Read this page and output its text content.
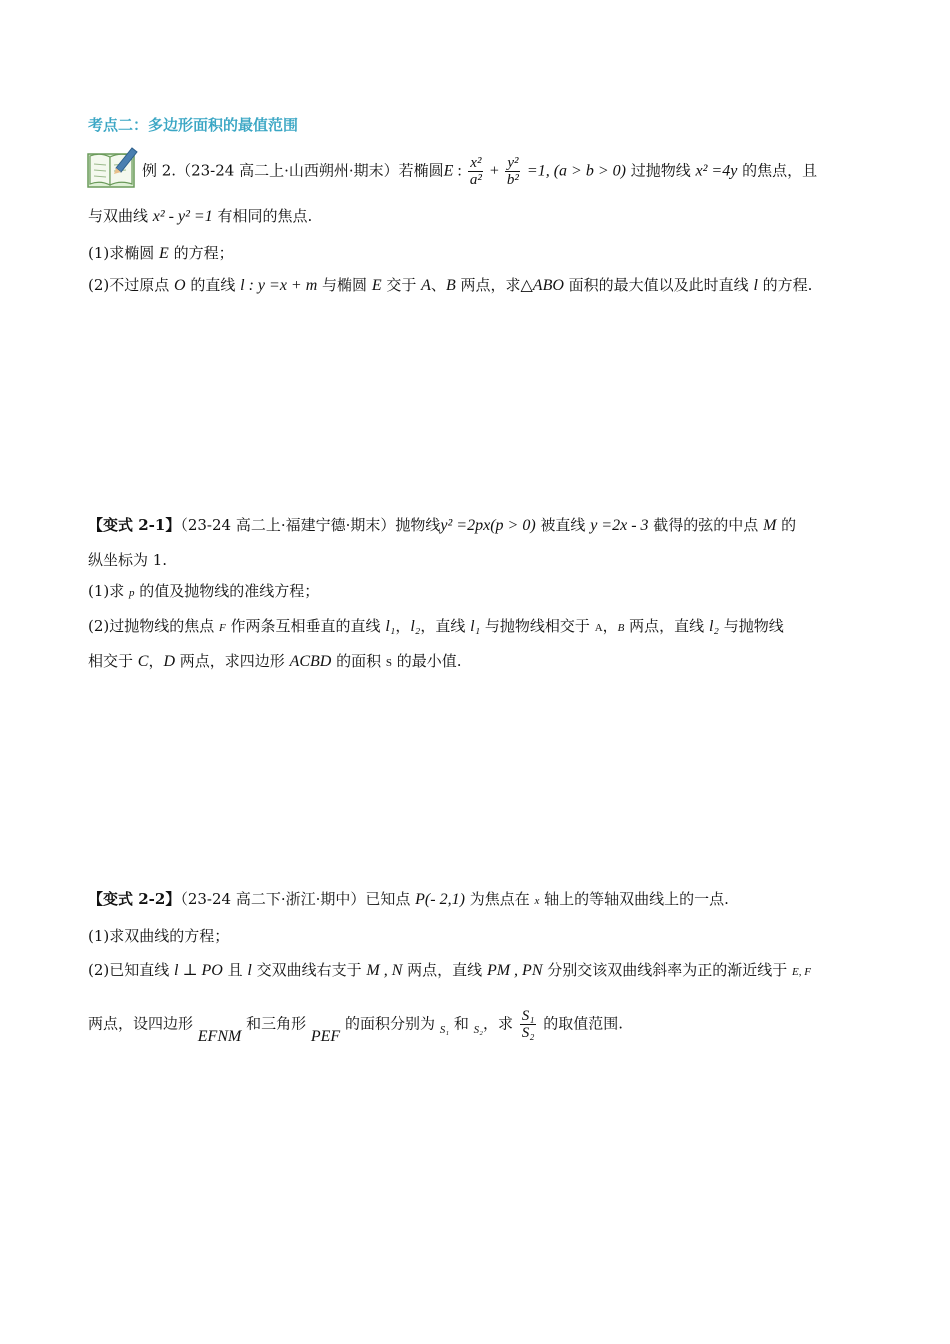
考点二：多边形面积的最值范围
例 2.（23-24 高二上·山西朔州·期末）若椭圆E : $\frac{\text{x²}}{\text{a²}} + \frac{\text{y²}}{\text{b²}} =1$, (a > b > 0) 过抛物线 x² =4y 的焦点，且
与双曲线 x² - y² =1 有相同的焦点.
(1)求椭圆 E 的方程；
(2)不过原点 O 的直线 l : y =x + m 与椭圆 E 交于 A、B 两点，求△ABO 面积的最大值以及此时直线 l 的方程.
【变式 2-1】（23-24 高二上·福建宁德·期末）抛物线y² =2px(p > 0) 被直线 y =2x - 3 截得的弦的中点 M 的
纵坐标为 1.
(1)求 p 的值及抛物线的准线方程；
(2)过抛物线的焦点 F 作两条互相垂直的直线 l₁，l₂，直线 l₁ 与抛物线相交于 A，B 两点，直线 l₂ 与抛物线
相交于 C，D 两点，求四边形 ACBD 的面积 S 的最小值.
【变式 2-2】（23-24 高二下·浙江·期中）已知点 P(- 2,1) 为焦点在 x 轴上的等轴双曲线上的一点.
(1)求双曲线的方程；
(2)已知直线 l ⊥ PO 且 l 交双曲线右支于 M , N 两点，直线 PM , PN 分别交该双曲线斜率为正的渐近线于 E, F
两点，设四边形 EFNM 和三角形 PEF 的面积分别为 $_{S_1}$ 和 $_{S_2}$，求 $\frac{\text{S₁}}{\text{S₂}}$ 的取值范围.
